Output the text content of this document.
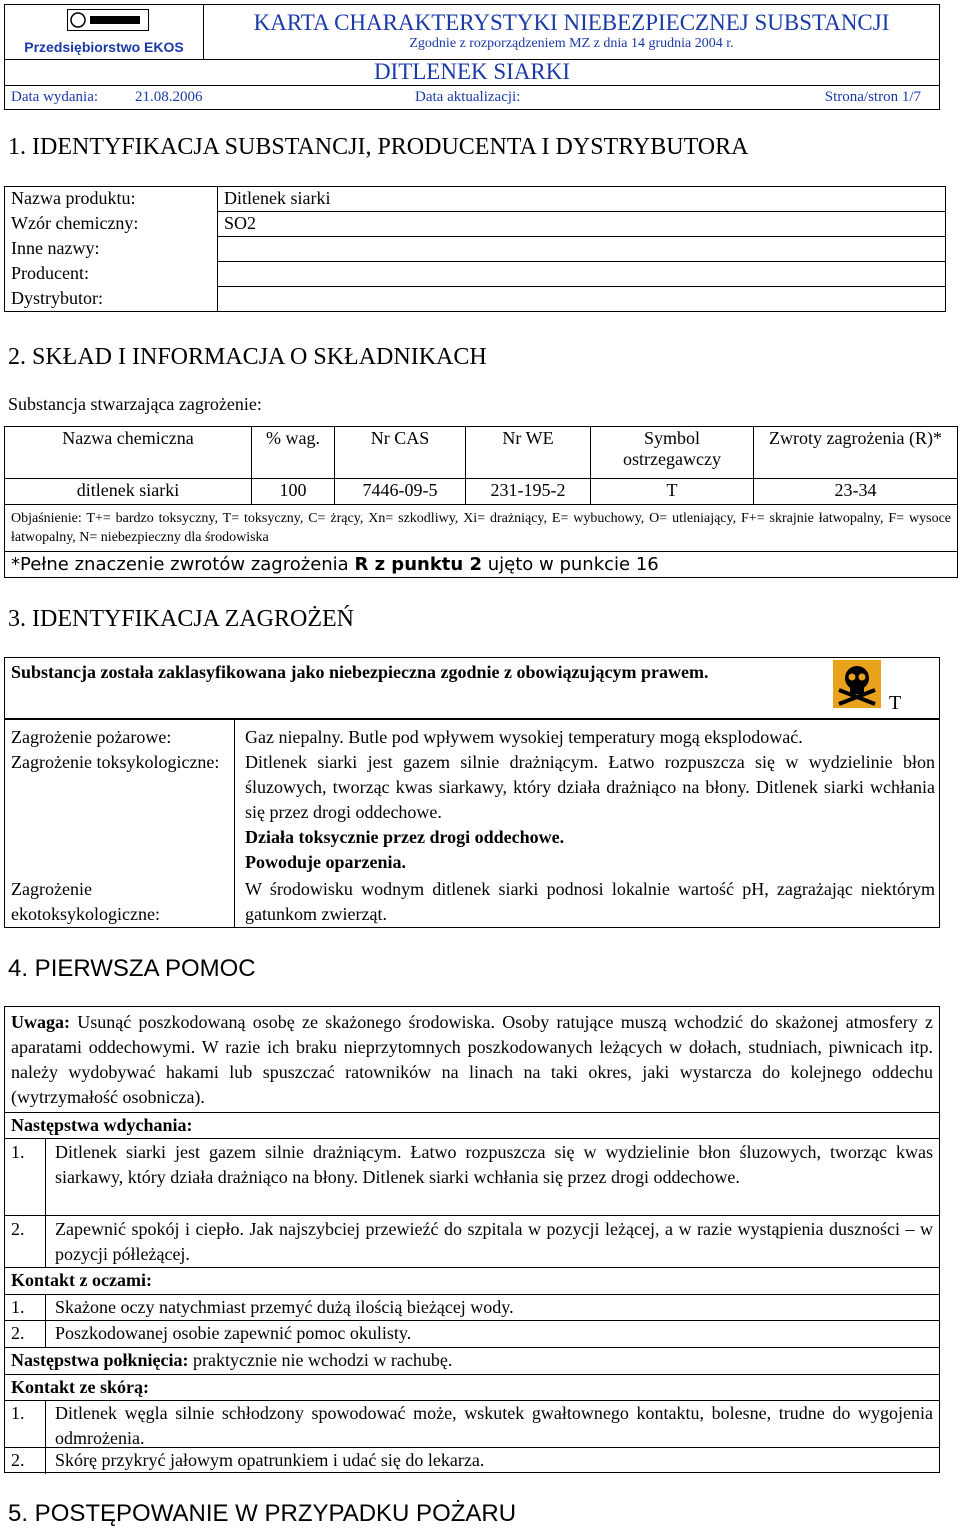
Przedsiębiorstwo EKOS
KARTA CHARAKTERYSTYKI NIEBEZPIECZNEJ SUBSTANCJI
Zgodnie z rozporządzeniem MZ z dnia 14 grudnia 2004 r.
DITLENEK SIARKI
Data wydania: 21.08.2006	Data aktualizacji:	Strona/stron 1/7
1. IDENTYFIKACJA SUBSTANCJI, PRODUCENTA I DYSTRYBUTORA
Nazwa produktu:	Ditlenek siarki
Wzór chemiczny:	SO2
Inne nazwy:	
Producent:	
Dystrybutor:	
2. SKŁAD I INFORMACJA O SKŁADNIKACH
Substancja stwarzająca zagrożenie:
Nazwa chemiczna	% wag.	Nr CAS	Nr WE	Symbol ostrzegawczy	Zwroty zagrożenia (R)*
ditlenek siarki	100	7446-09-5	231-195-2	T	23-34
Objaśnienie: T+= bardzo toksyczny, T= toksyczny, C= żrący, Xn= szkodliwy, Xi= drażniący, E= wybuchowy, O= utleniający, F+= skrajnie łatwopalny, F= wysoce łatwopalny, N= niebezpieczny dla środowiska					
*Pełne znaczenie zwrotów zagrożenia R z punktu 2 ujęto w punkcie 16					
3. IDENTYFIKACJA ZAGROŻEŃ
Substancja została zaklasyfikowana jako niebezpieczna zgodnie z obowiązującym prawem.
T
Zagrożenie pożarowe:	Gaz niepalny. Butle pod wpływem wysokiej temperatury mogą eksplodować.
Zagrożenie toksykologiczne:	Ditlenek siarki jest gazem silnie drażniącym. Łatwo rozpuszcza się w wydzielinie błon śluzowych, tworząc kwas siarkawy, który działa drażniąco na błony. Ditlenek siarki wchłania się przez drogi oddechowe.
Działa toksycznie przez drogi oddechowe.
Powoduje oparzenia.
Zagrożenie ekotoksykologiczne:
W środowisku wodnym ditlenek siarki podnosi lokalnie wartość pH, zagrażając niektórym gatunkom zwierząt.
4. PIERWSZA POMOC
Uwaga: Usunąć poszkodowaną osobę ze skażonego środowiska. Osoby ratujące muszą wchodzić do skażonej atmosfery z aparatami oddechowymi. W razie ich braku nieprzytomnych poszkodowanych leżących w dołach, studniach, piwnicach itp. należy wydobywać hakami lub spuszczać ratowników na linach na taki okres, jaki wystarcza do kolejnego oddechu (wytrzymałość osobnicza).
Następstwa wdychania:
1. Ditlenek siarki jest gazem silnie drażniącym. Łatwo rozpuszcza się w wydzielinie błon śluzowych, tworząc kwas siarkawy, który działa drażniąco na błony. Ditlenek siarki wchłania się przez drogi oddechowe.
2. Zapewnić spokój i ciepło. Jak najszybciej przewieźć do szpitala w pozycji leżącej, a w razie wystąpienia duszności – w pozycji półleżącej.
Kontakt z oczami:
1. Skażone oczy natychmiast przemyć dużą ilością bieżącej wody.
2. Poszkodowanej osobie zapewnić pomoc okulisty.
Następstwa połknięcia: praktycznie nie wchodzi w rachubę.
Kontakt ze skórą:
1. Ditlenek węgla silnie schłodzony spowodować może, wskutek gwałtownego kontaktu, bolesne, trudne do wygojenia odmrożenia.
2. Skórę przykryć jałowym opatrunkiem i udać się do lekarza.
5. POSTĘPOWANIE W PRZYPADKU POŻARU
